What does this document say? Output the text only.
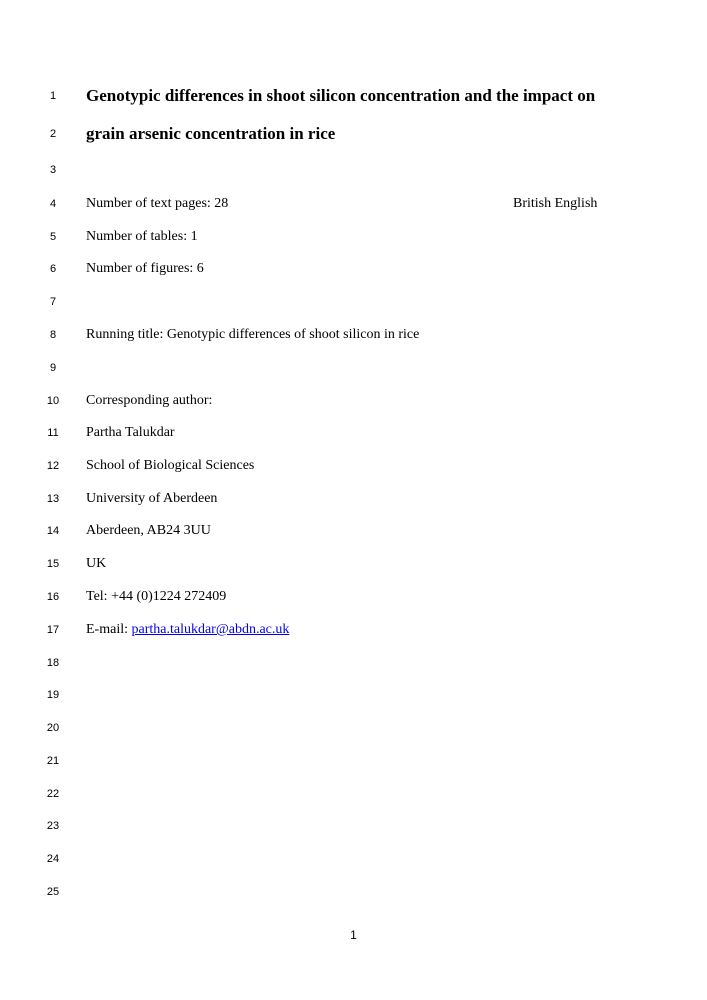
1	Genotypic differences in shoot silicon concentration and the impact on
2	grain arsenic concentration in rice
3
4	Number of text pages: 28	British English
5	Number of tables: 1
6	Number of figures: 6
7
8	Running title: Genotypic differences of shoot silicon in rice
9
10	Corresponding author:
11	Partha Talukdar
12	School of Biological Sciences
13	University of Aberdeen
14	Aberdeen, AB24 3UU
15	UK
16	Tel: +44 (0)1224 272409
17	E-mail: partha.talukdar@abdn.ac.uk
18
19
20
21
22
23
24
25
1
